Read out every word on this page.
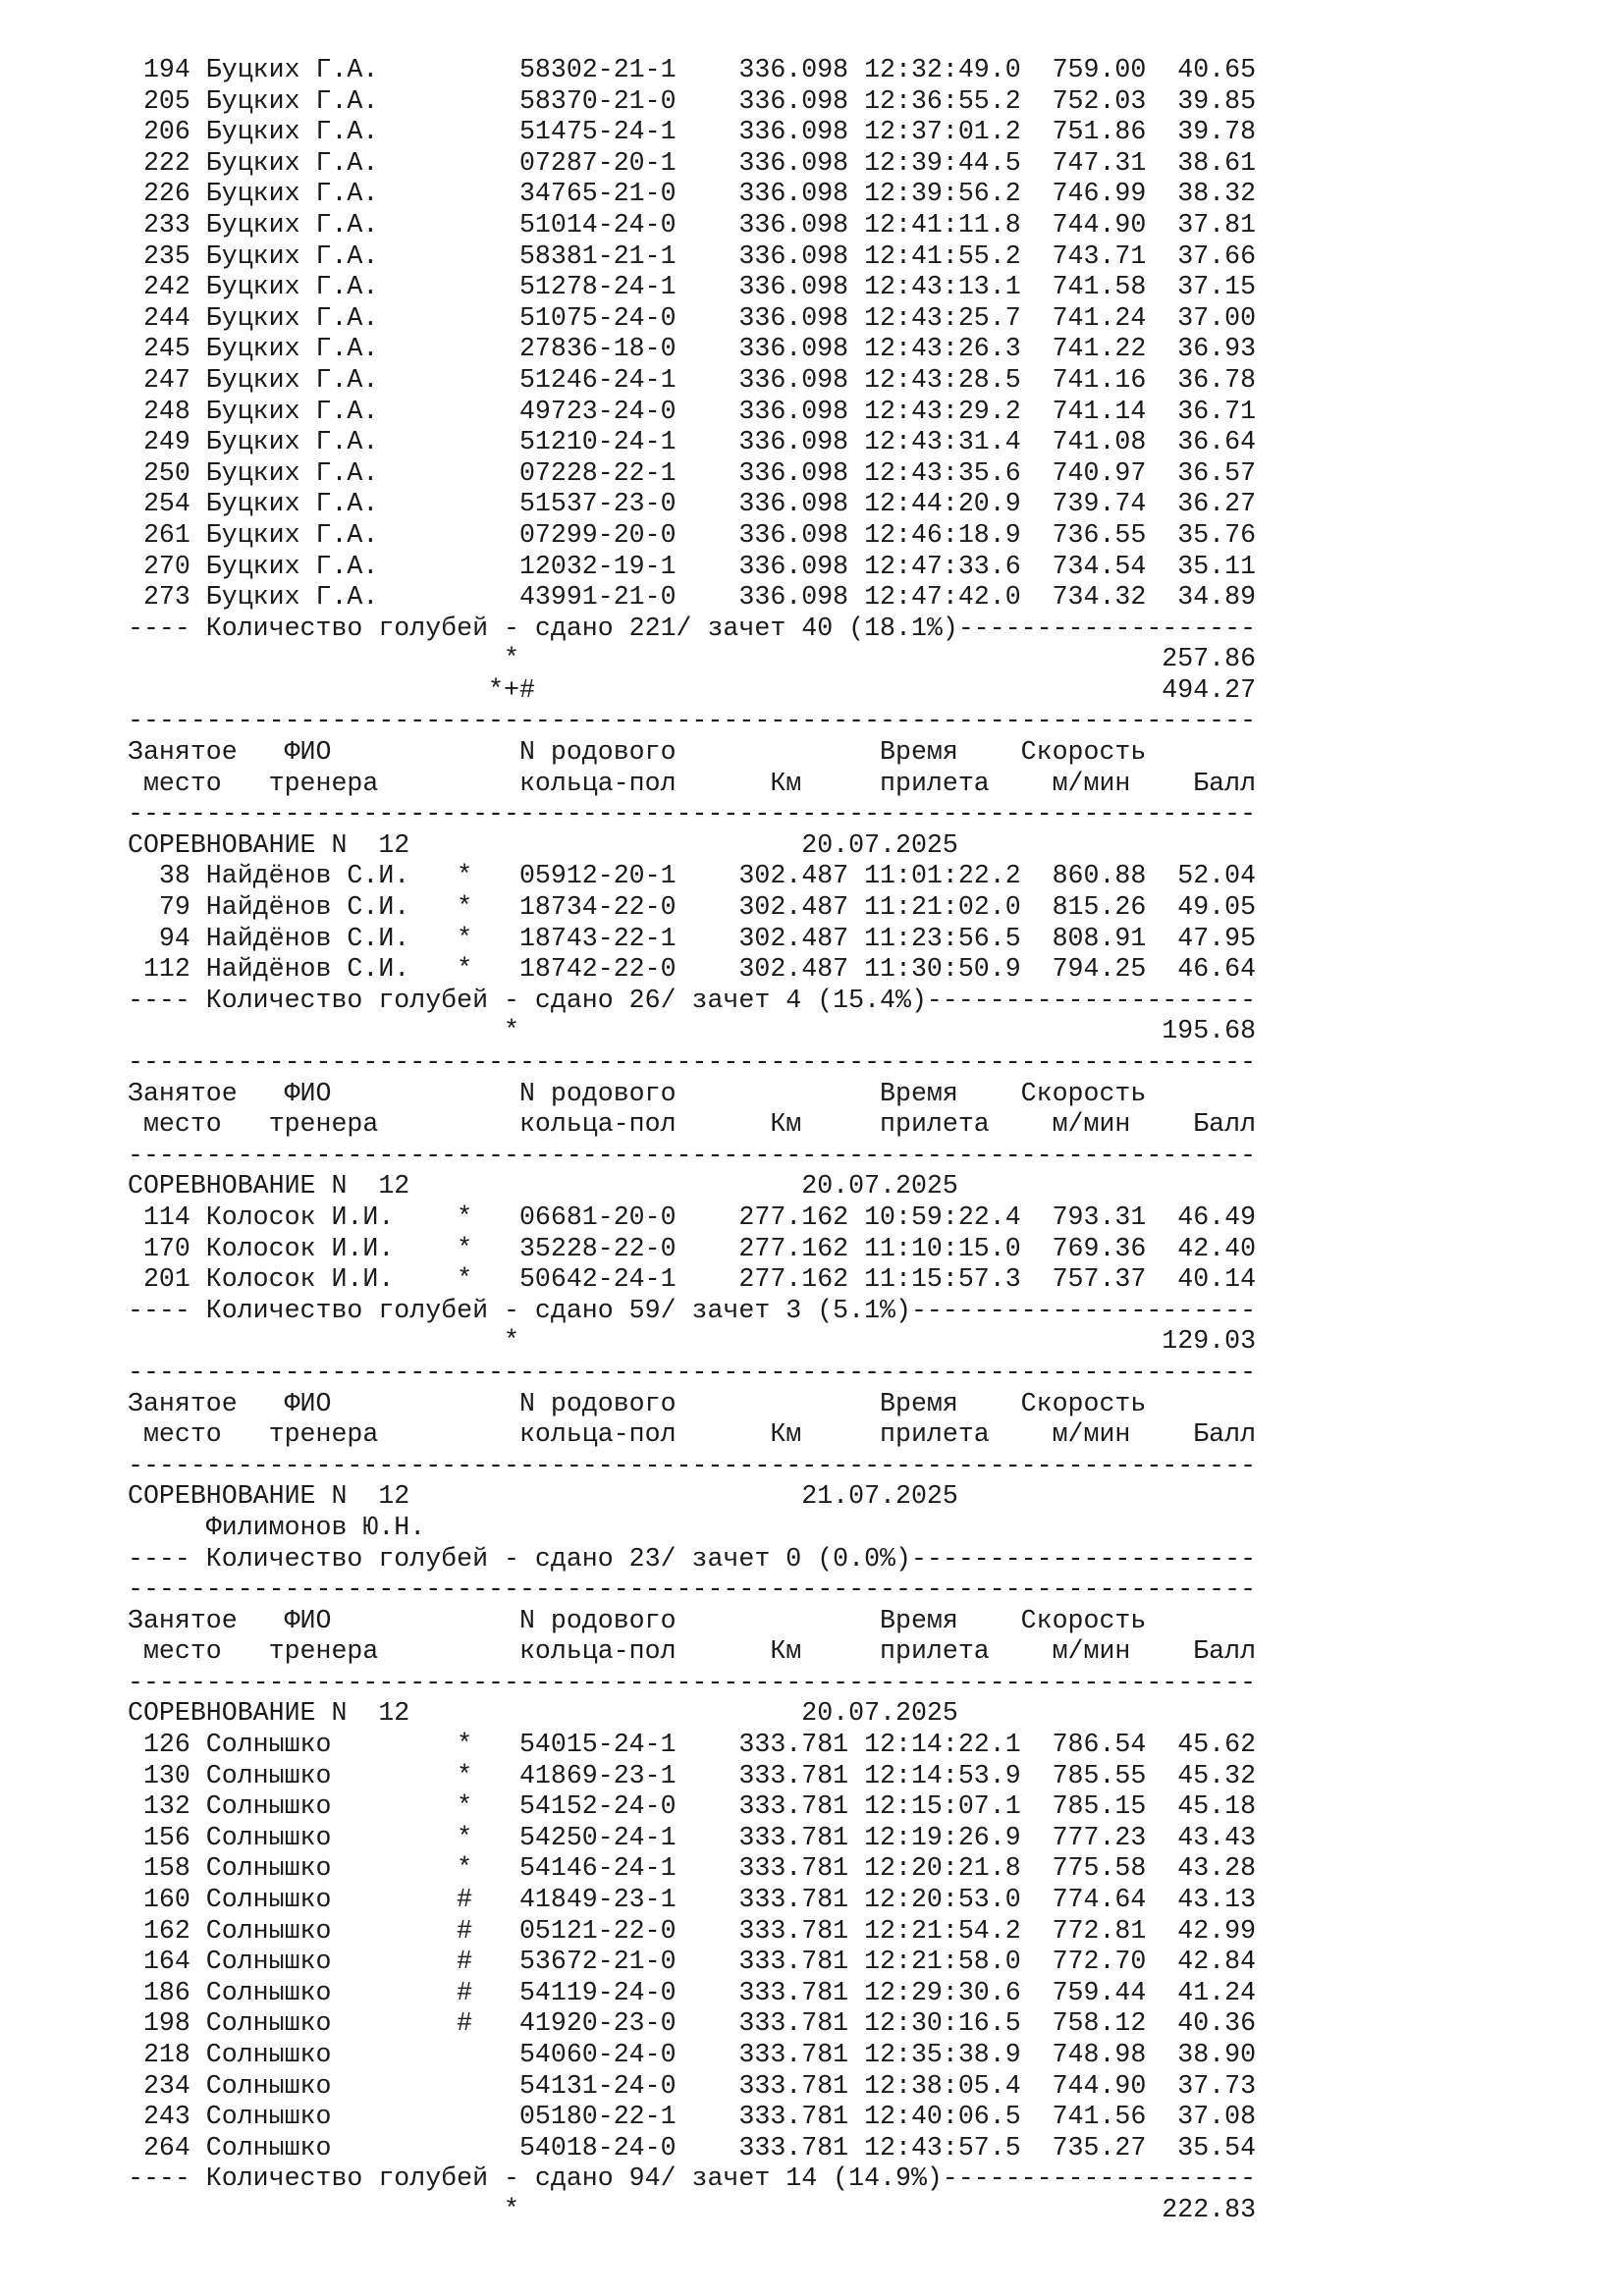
194 Буцких Г.А.         58302-21-1    336.098 12:32:49.0  759.00  40.65
205 Буцких Г.А.         58370-21-0    336.098 12:36:55.2  752.03  39.85
206 Буцких Г.А.         51475-24-1    336.098 12:37:01.2  751.86  39.78
222 Буцких Г.А.         07287-20-1    336.098 12:39:44.5  747.31  38.61
226 Буцких Г.А.         34765-21-0    336.098 12:39:56.2  746.99  38.32
233 Буцких Г.А.         51014-24-0    336.098 12:41:11.8  744.90  37.81
235 Буцких Г.А.         58381-21-1    336.098 12:41:55.2  743.71  37.66
242 Буцких Г.А.         51278-24-1    336.098 12:43:13.1  741.58  37.15
244 Буцких Г.А.         51075-24-0    336.098 12:43:25.7  741.24  37.00
245 Буцких Г.А.         27836-18-0    336.098 12:43:26.3  741.22  36.93
247 Буцких Г.А.         51246-24-1    336.098 12:43:28.5  741.16  36.78
248 Буцких Г.А.         49723-24-0    336.098 12:43:29.2  741.14  36.71
249 Буцких Г.А.         51210-24-1    336.098 12:43:31.4  741.08  36.64
250 Буцких Г.А.         07228-22-1    336.098 12:43:35.6  740.97  36.57
254 Буцких Г.А.         51537-23-0    336.098 12:44:20.9  739.74  36.27
261 Буцких Г.А.         07299-20-0    336.098 12:46:18.9  736.55  35.76
270 Буцких Г.А.         12032-19-1    336.098 12:47:33.6  734.54  35.11
273 Буцких Г.А.         43991-21-0    336.098 12:47:42.0  734.32  34.89
---- Количество голубей - сдано 221/ зачет 40 (18.1%)-------------------
*                                         257.86
*+#                                        494.27
------------------------------------------------------------------------
Занятое   ФИО            N родового             Время    Скорость
место   тренера         кольца-пол      Км     прилета    м/мин    Балл
------------------------------------------------------------------------
СОРЕВНОВАНИЕ N  12                         20.07.2025
38 Найдёнов С.И.   *   05912-20-1    302.487 11:01:22.2  860.88  52.04
79 Найдёнов С.И.   *   18734-22-0    302.487 11:21:02.0  815.26  49.05
94 Найдёнов С.И.   *   18743-22-1    302.487 11:23:56.5  808.91  47.95
112 Найдёнов С.И.   *   18742-22-0    302.487 11:30:50.9  794.25  46.64
---- Количество голубей - сдано 26/ зачет 4 (15.4%)---------------------
*                                         195.68
------------------------------------------------------------------------
Занятое   ФИО            N родового             Время    Скорость
место   тренера         кольца-пол      Км     прилета    м/мин    Балл
------------------------------------------------------------------------
СОРЕВНОВАНИЕ N  12                         20.07.2025
114 Колосок И.И.    *   06681-20-0    277.162 10:59:22.4  793.31  46.49
170 Колосок И.И.    *   35228-22-0    277.162 11:10:15.0  769.36  42.40
201 Колосок И.И.    *   50642-24-1    277.162 11:15:57.3  757.37  40.14
---- Количество голубей - сдано 59/ зачет 3 (5.1%)----------------------
*                                         129.03
------------------------------------------------------------------------
Занятое   ФИО            N родового             Время    Скорость
место   тренера         кольца-пол      Км     прилета    м/мин    Балл
------------------------------------------------------------------------
СОРЕВНОВАНИЕ N  12                         21.07.2025
Филимонов Ю.Н.
---- Количество голубей - сдано 23/ зачет 0 (0.0%)----------------------
------------------------------------------------------------------------
Занятое   ФИО            N родового             Время    Скорость
место   тренера         кольца-пол      Км     прилета    м/мин    Балл
------------------------------------------------------------------------
СОРЕВНОВАНИЕ N  12                         20.07.2025
126 Солнышко        *   54015-24-1    333.781 12:14:22.1  786.54  45.62
130 Солнышко        *   41869-23-1    333.781 12:14:53.9  785.55  45.32
132 Солнышко        *   54152-24-0    333.781 12:15:07.1  785.15  45.18
156 Солнышко        *   54250-24-1    333.781 12:19:26.9  777.23  43.43
158 Солнышко        *   54146-24-1    333.781 12:20:21.8  775.58  43.28
160 Солнышко        #   41849-23-1    333.781 12:20:53.0  774.64  43.13
162 Солнышко        #   05121-22-0    333.781 12:21:54.2  772.81  42.99
164 Солнышко        #   53672-21-0    333.781 12:21:58.0  772.70  42.84
186 Солнышко        #   54119-24-0    333.781 12:29:30.6  759.44  41.24
198 Солнышко        #   41920-23-0    333.781 12:30:16.5  758.12  40.36
218 Солнышко            54060-24-0    333.781 12:35:38.9  748.98  38.90
234 Солнышко            54131-24-0    333.781 12:38:05.4  744.90  37.73
243 Солнышко            05180-22-1    333.781 12:40:06.5  741.56  37.08
264 Солнышко            54018-24-0    333.781 12:43:57.5  735.27  35.54
---- Количество голубей - сдано 94/ зачет 14 (14.9%)--------------------
*                                         222.83
